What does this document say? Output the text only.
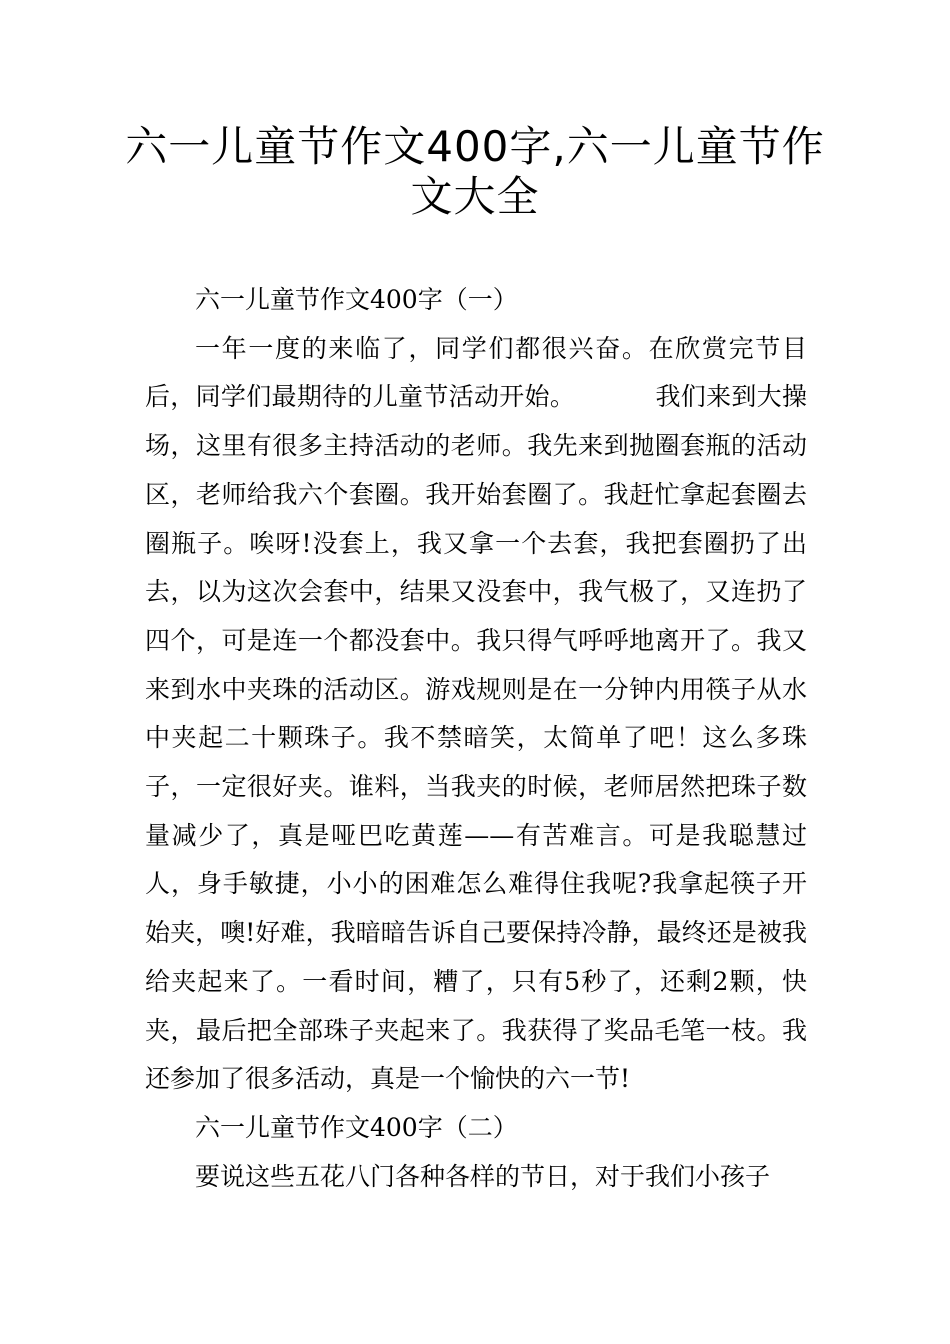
六一儿童节作文400字,六一儿童节作文大全

六一儿童节作文400字（一）

一年一度的来临了，同学们都很兴奋。在欣赏完节目后，同学们最期待的儿童节活动开始。	我们来到大操场，这里有很多主持活动的老师。我先来到抛圈套瓶的活动区，老师给我六个套圈。我开始套圈了。我赶忙拿起套圈去圈瓶子。唉呀!没套上，我又拿一个去套，我把套圈扔了出去，以为这次会套中，结果又没套中，我气极了，又连扔了四个，可是连一个都没套中。我只得气呼呼地离开了。我又来到水中夹珠的活动区。游戏规则是在一分钟内用筷子从水中夹起二十颗珠子。我不禁暗笑，太简单了吧！这么多珠子，一定很好夹。谁料，当我夹的时候，老师居然把珠子数量减少了，真是哑巴吃黄莲——有苦难言。可是我聪慧过人，身手敏捷，小小的困难怎么难得住我呢?我拿起筷子开始夹，噢!好难，我暗暗告诉自己要保持冷静，最终还是被我给夹起来了。一看时间，糟了，只有5秒了，还剩2颗，快夹，最后把全部珠子夹起来了。我获得了奖品毛笔一枝。我还参加了很多活动，真是一个愉快的六一节!

六一儿童节作文400字（二）

要说这些五花八门各种各样的节日，对于我们小孩子
